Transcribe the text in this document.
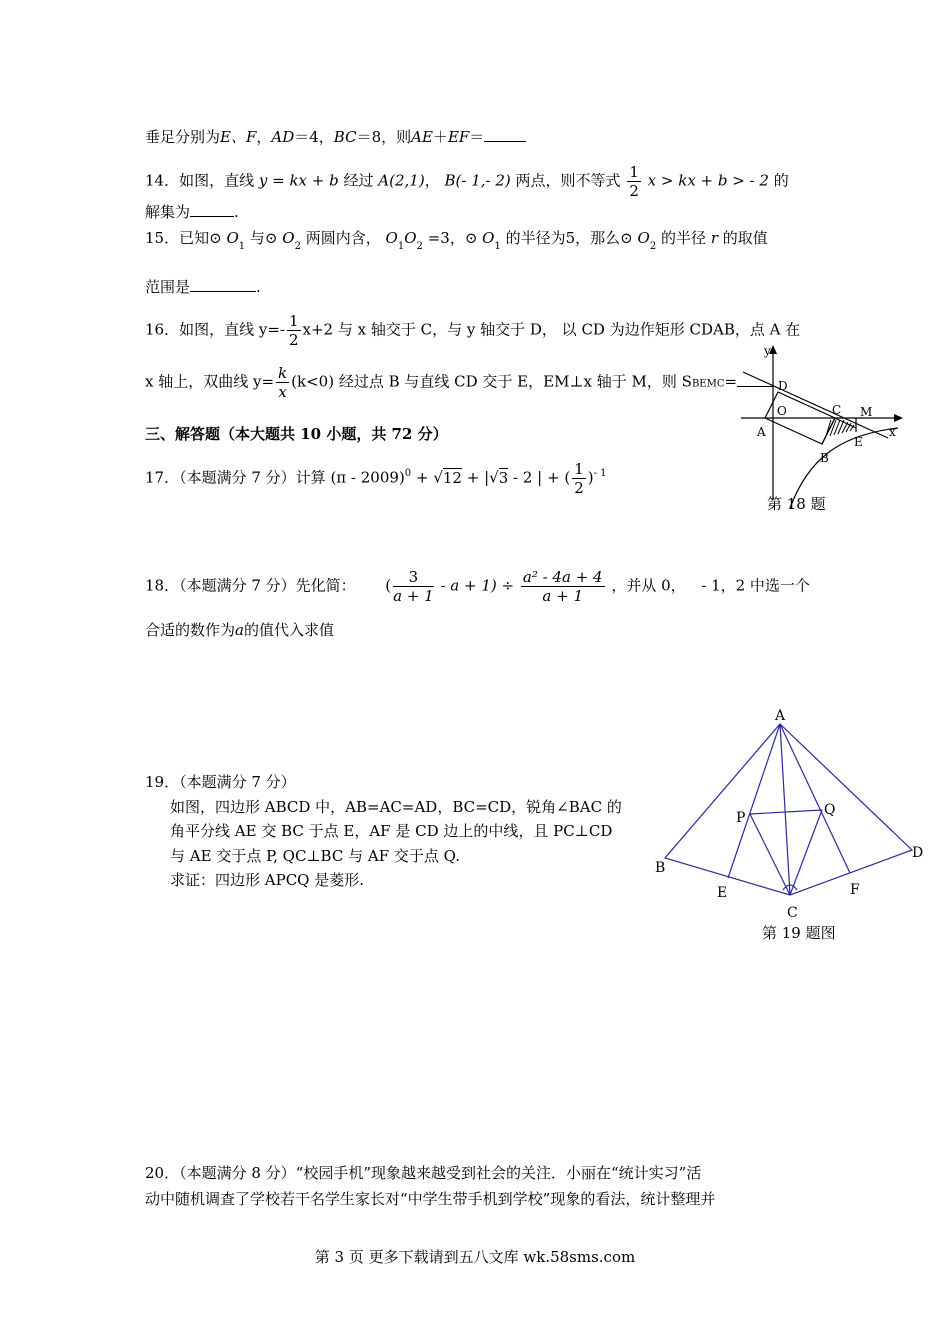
垂足分别为E、F，AD＝4，BC＝8，则AE＋EF＝
14．如图，直线 y = kx + b 经过 A(2,1)， B(- 1,- 2) 两点，则不等式 $\frac{1}{2}$ x > kx + b > - 2 的
解集为	.
15．已知⊙ $O_1$ 与⊙ $O_2$ 两圆内含， $O_1O_2 =3$，⊙ $O_1$ 的半径为5，那么⊙ $O_2$ 的半径 r 的取值
范围是	.
16．如图，直线 $y=- \frac{1}{2} x+2$ 与 x 轴交于 C，与 y 轴交于 D， 以 CD 为边作矩形 CDAB，点 A 在
x 轴上，双曲线 $y= \frac{k}{x} (k<0)$ 经过点 B 与直线 CD 交于 E，EM⊥x 轴于 M，则 SBEMC=
y
D
O
A
C M
x
E
B
第 18 题
三、解答题（本大题共 10 小题，共 72 分）
17．（本题满分 7 分）计算 (π - 2009)$^0$ + √12 + |√3 - 2 | + ( $\frac{1}{2} )^{- 1}$
18．（本题满分 7 分）先化简： ( $\frac{3}{a + 1} - a + 1) \div \frac{\text{a² - 4a + 4}}{a + 1}$ ，并从 0， - 1，2 中选一个
合适的数作为a的值代入求值
19．（本题满分 7 分）
如图，四边形 ABCD 中，AB=AC=AD，BC=CD，锐角∠BAC 的
角平分线 AE 交 BC 于点 E，AF 是 CD 边上的中线，且 PC⊥CD
与 AE 交于点 P, QC⊥BC 与 AF 交于点 Q.
求证：四边形 APCQ 是菱形.
A
B
C
D
P	Q
E	F
第 19 题图
20．（本题满分 8 分）“校园手机”现象越来越受到社会的关注．小丽在“统计实习”活
动中随机调查了学校若干名学生家长对“中学生带手机到学校”现象的看法，统计整理并
第 3 页 更多下载请到五八文库 wk.58sms.com
